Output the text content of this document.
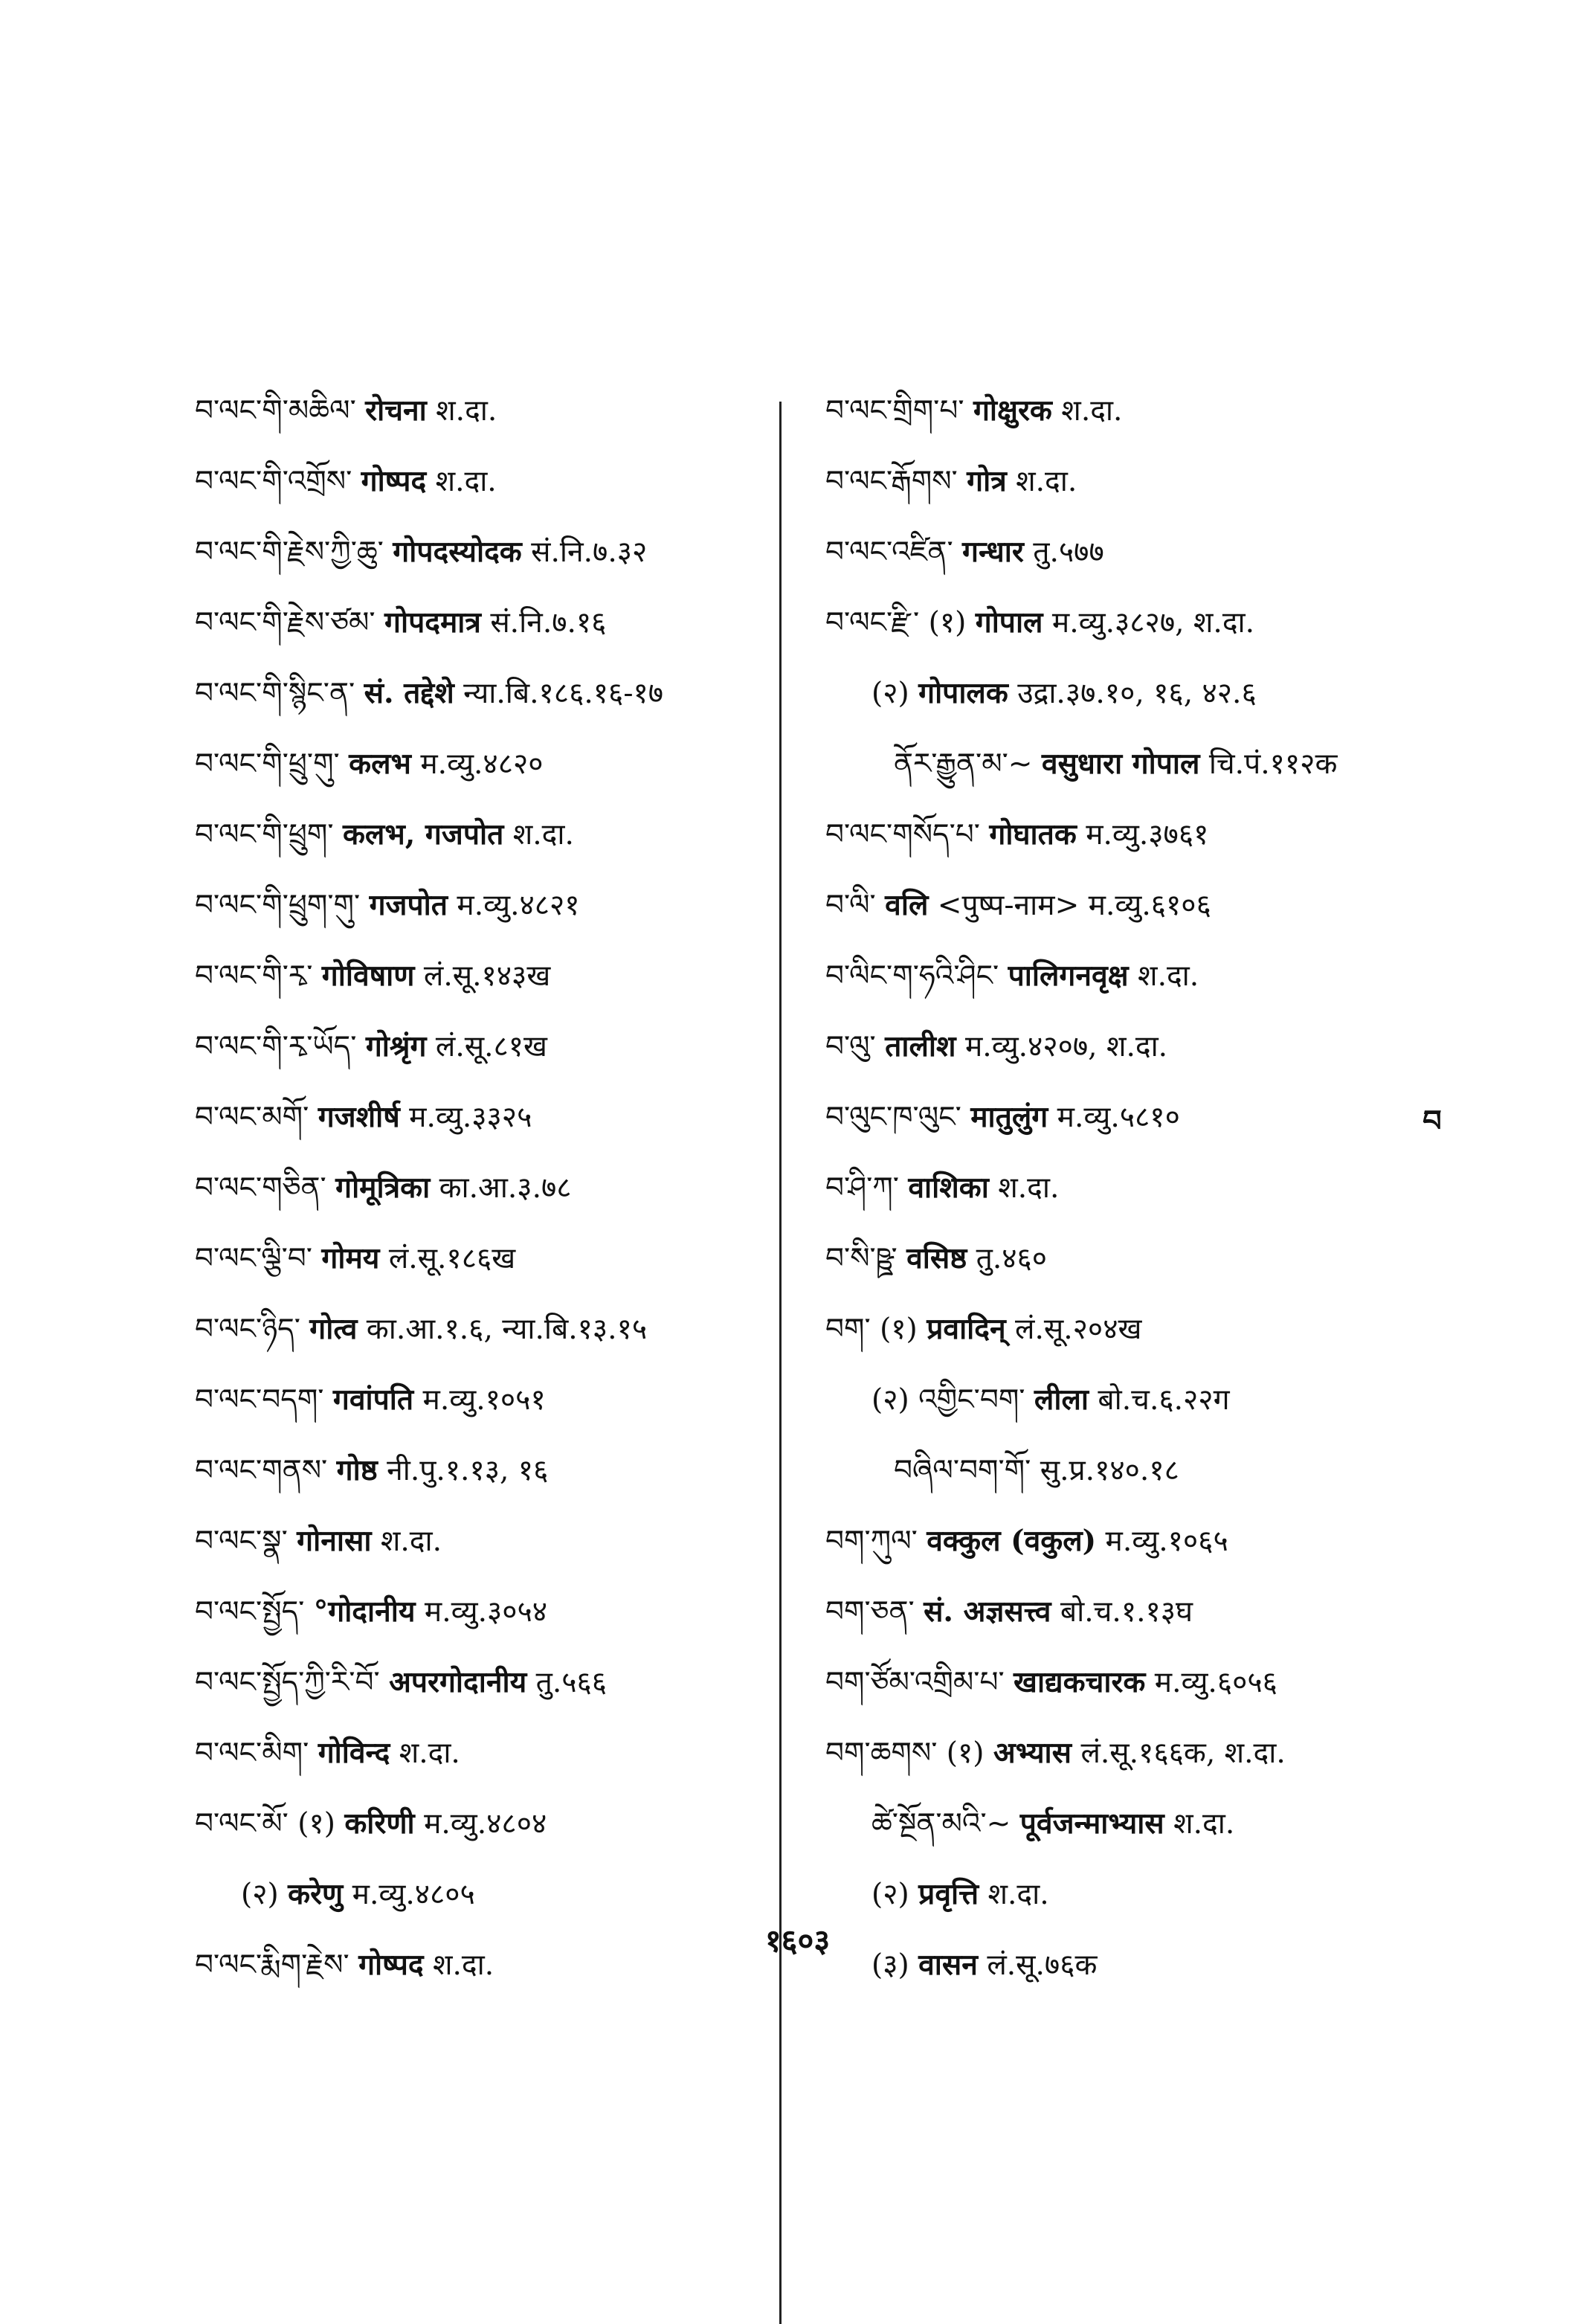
བ་ལང་གི་མཆིལ་ रोचना श.दा.
བ་ལང་གི་འགྲོས་ गोष्पद श.दा.
བ་ལང་གི་རྗེས་ཀྱི་ཆུ་ गोपदस्योदक सं.नि.७.३२
བ་ལང་གི་རྗེས་ཙམ་ गोपदमात्र सं.नि.७.१६
བ་ལང་གི་སྙིང་ན་ सं. तद्देशे न्या.बि.१८६.१६-१७
བ་ལང་གི་ཕྲུ་གུ་ कलभ म.व्यु.४८२०
བ་ལང་གི་ཕྲུག་ कलभ, गजपोत श.दा.
བ་ལང་གི་ཕྲུག་གུ་ गजपोत म.व्यु.४८२१
བ་ལང་གི་རྭ་ गोविषाण लं.सू.१४३ख
བ་ལང་གི་རྭ་ཡོད་ गोश्रृंग लं.सू.८१ख
བ་ལང་མགོ་ गजशीर्ष म.व्यु.३३२५
བ་ལང་གཅིན་ गोमूत्रिका का.आ.३.७८
བ་ལང་ལྕི་བ་ गोमय लं.सू.१८६ख
བ་ལང་ཉིད་ गोत्व का.आ.१.६, न्या.बि.१३.१५
བ་ལང་བདག་ गवांपति म.व्यु.१०५१
བ་ལང་གནས་ गोष्ठ नी.पु.१.१३, १६
བ་ལང་སྣ་ गोनासा श.दा.
བ་ལང་སྤྱོད་ °गोदानीय म.व्यु.३०५४
བ་ལང་སྤྱོད་ཀྱི་རི་བོ་ अपरगोदानीय तु.५६६
བ་ལང་མིག་ गोविन्द श.दा.
བ་ལང་མོ་ (१) करिणी म.व्यु.४८०४
(२) करेणु म.व्यु.४८०५
བ་ལང་རྨིག་རྗེས་ गोष्पद श.दा.
བ་ལང་གྲིག་པ་ गोक्षुरक श.दा.
བ་ལང་རྒོགས་ गोत्र श.दा.
བ་ལང་འཛིན་ गन्धार तु.५७७
བ་ལང་རྫི་ (१) गोपाल म.व्यु.३८२७, श.दा.
(२) गोपालक उद्रा.३७.१०, १६, ४२.६
ནོར་རྒྱུན་མ་~ वसुधारा गोपाल चि.पं.११२क
བ་ལང་གསོད་པ་ गोघातक म.व्यु.३७६१
བ་ལི་ वलि <पुष्प-नाम> म.व्यु.६१०६
བ་ལིང་ག་ཧའི་ཤིང་ पालिगनवृक्ष श.दा.
བ་ལུ་ तालीश म.व्यु.४२०७, श.दा.
བ་ལུང་ཁ་ལུང་ मातुलुंग म.व्यु.५८१०
བ་ཤི་ཀ་ वाशिका श.दा.
བ་སི་ཥྛ་ वसिष्ठ तु.४६०
བག་ (१) प्रवादिन् लं.सू.२०४ख
(२) འགྱིང་བག་ लीला बो.च.६.२२ग
བཞིལ་བག་གོ་ सु.प्र.१४०.१८
བག་ཀུལ་ वक्कुल (वकुल) म.व्यु.१०६५
བག་ཅན་ सं. अज्ञसत्त्व बो.च.१.१३घ
བག་ཙོམ་འགྲིམ་པ་ खाद्यकचारक म.व्यु.६०५६
བག་ཆགས་ (१) अभ्यास लं.सू.१६६क, श.दा.
ཚེ་སྔོན་མའི་~ पूर्वजन्माभ्यास श.दा.
(२) प्रवृत्ति श.दा.
(३) वासन लं.सू.७६क
བ
१६०३
